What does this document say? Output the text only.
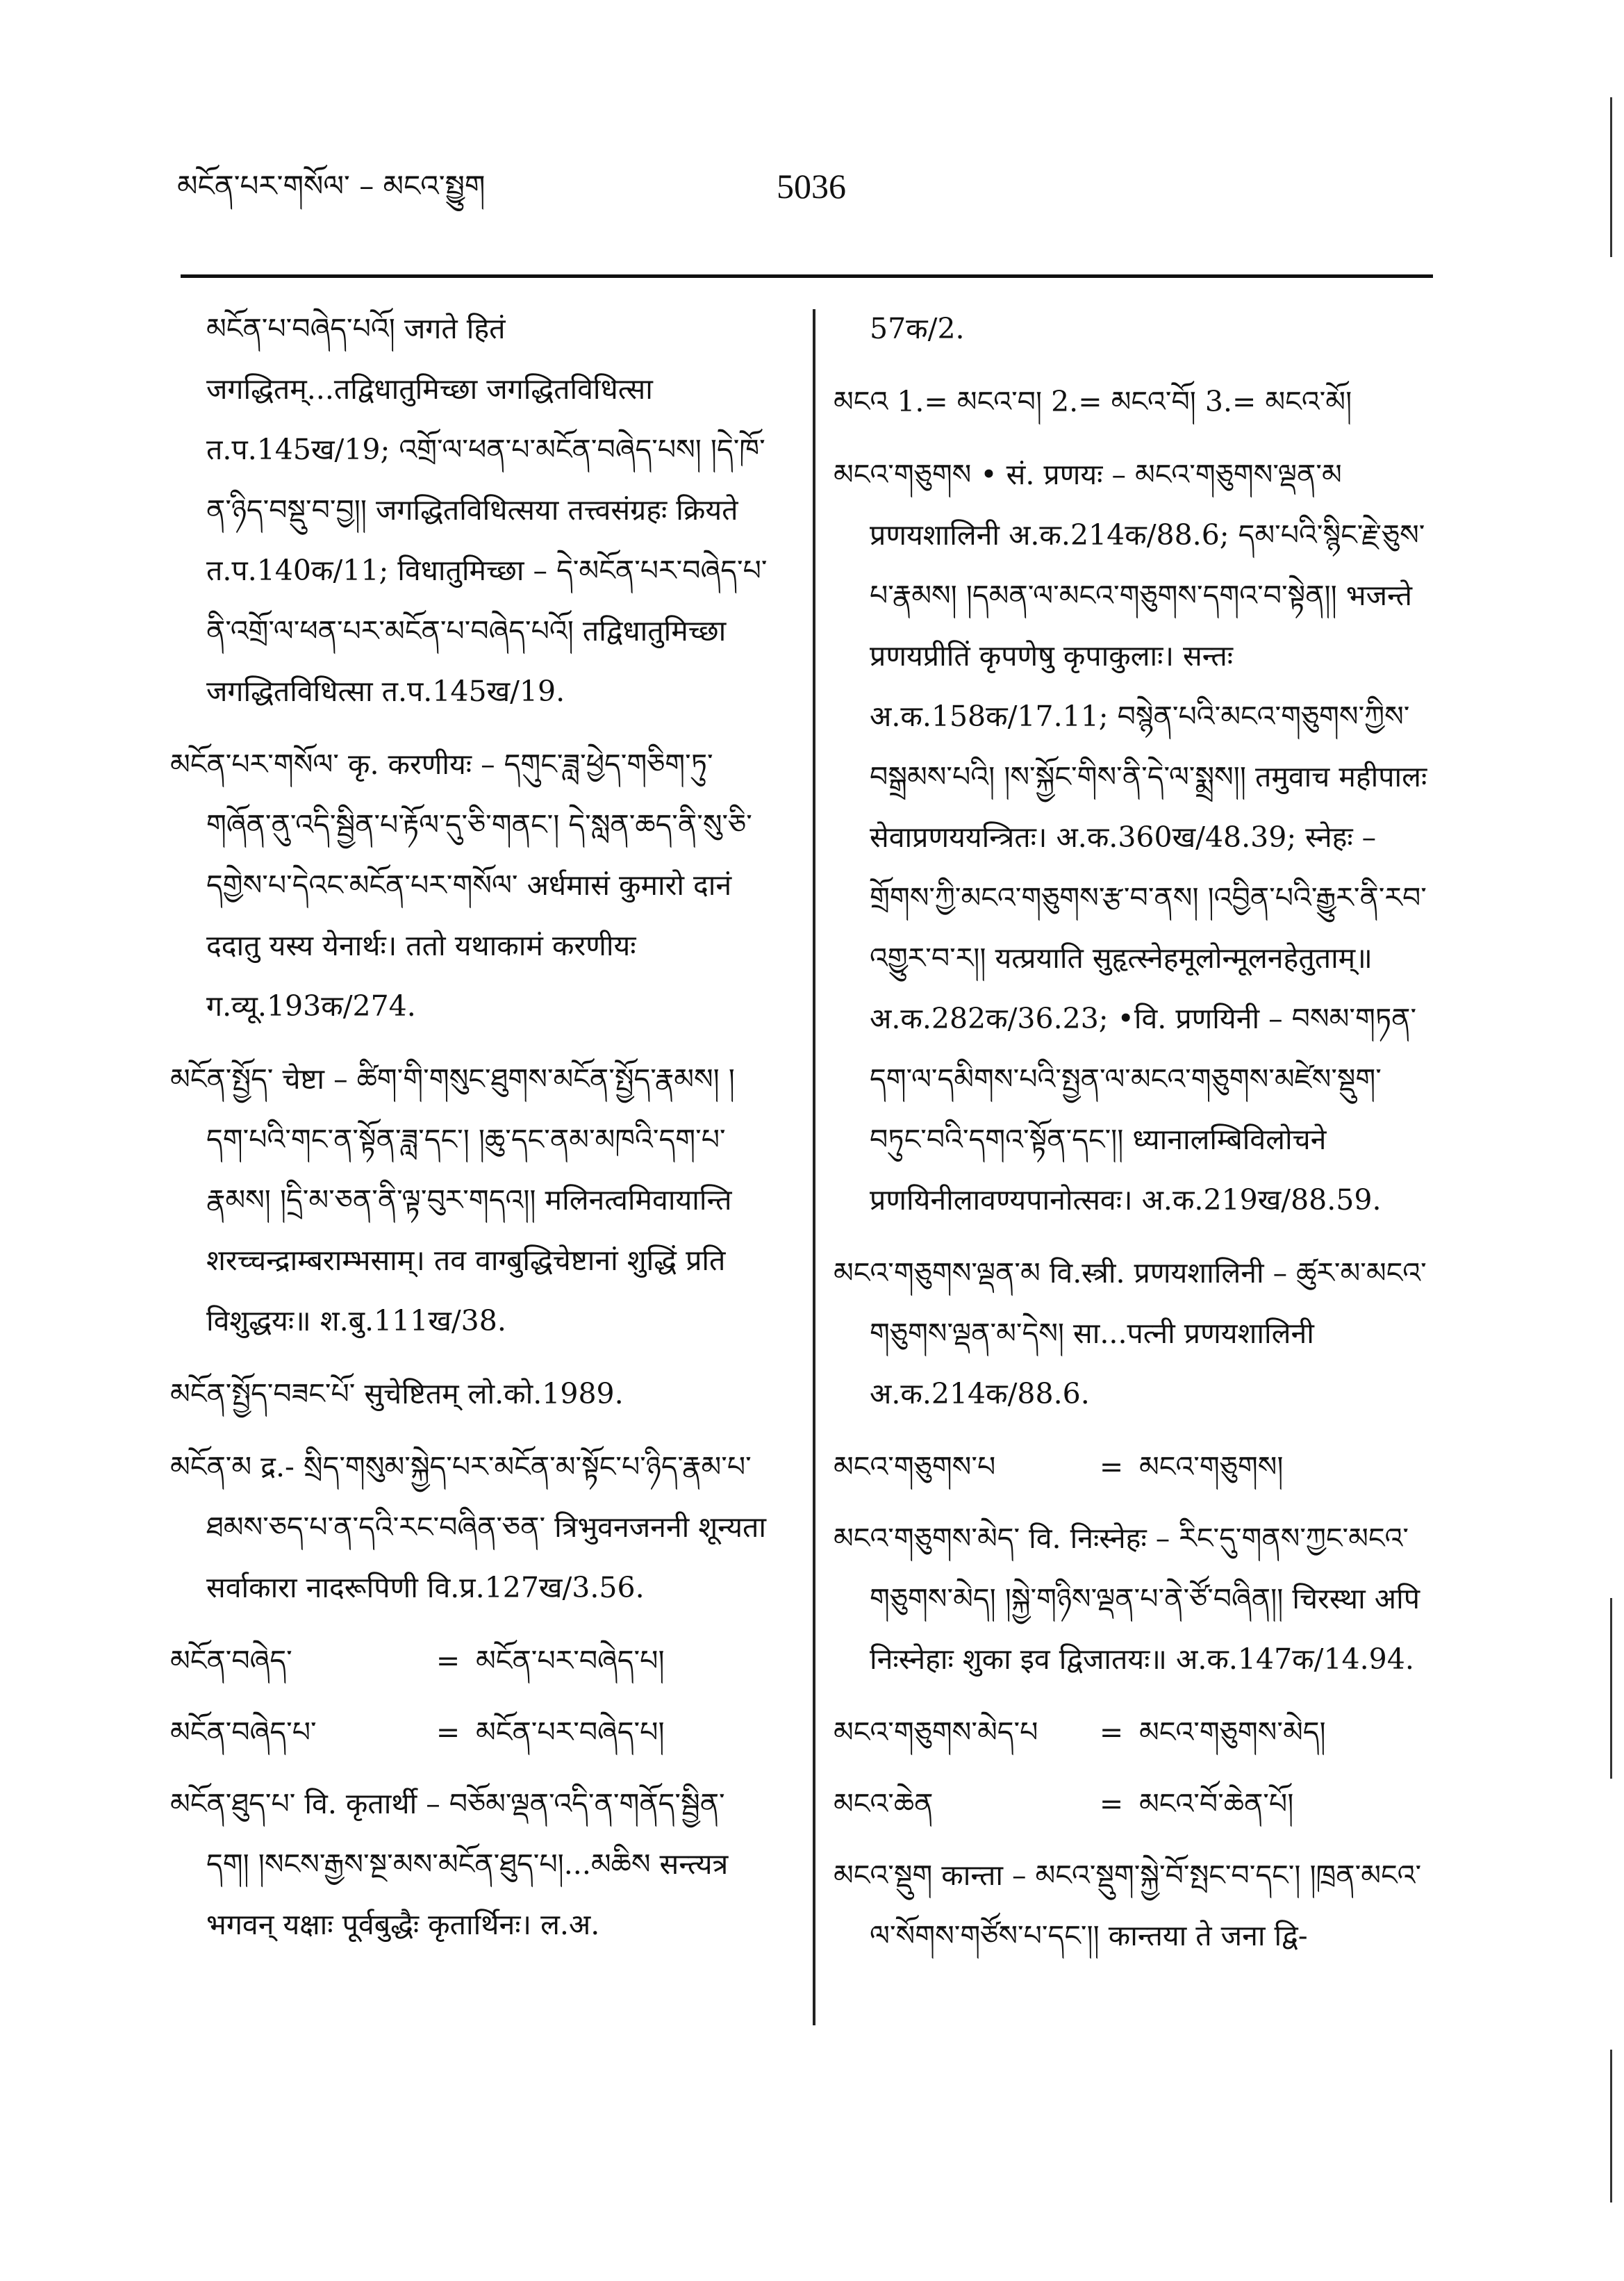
མངོན་པར་གསོལ་ – མངའ་སྤྱུག	5036

མངོན་པ་བཞེད་པའོ། जगते हितं जगद्धितम्...तद्विधातुमिच्छा जगद्धितविधित्सा त.प.145ख/19; འགྲོ་ལ་ཕན་པ་མངོན་བཞེད་པས། །དེ་ཁོ་ན་ཉིད་བསྡུ་བ་བྱ།། जगद्धितविधित्सया तत्त्वसंग्रहः क्रियते त.प.140क/11; विधातुमिच्छा – དེ་མངོན་པར་བཞེད་པ་ནི་འགྲོ་ལ་ཕན་པར་མངོན་པ་བཞེད་པའོ། तद्विधातुमिच्छा जगद्धितविधित्सा त.प.145ख/19.

མངོན་པར་གསོལ་ कृ. करणीयः – དགུང་ཟླ་ཕྱེད་གཅིག་ཏུ་གཞོན་ནུ་འདི་སྦྱིན་པ་རྟོལ་དུ་ཅི་གནང་། དེ་སླན་ཆད་ནི་སུ་ཅི་དགྱེས་པ་དེའང་མངོན་པར་གསོལ་ अर्धमासं कुमारो दानं ददातु यस्य येनार्थः। ततो यथाकामं करणीयः ग.व्यू.193क/274.

མངོན་སྤྱོད་ चेष्टा – ཚིག་གི་གསུང་ཐུགས་མངོན་སྤྱོད་རྣམས། །དག་པའི་གང་ན་སྟོན་ཟླ་དང་། །ཆུ་དང་ནམ་མཁའི་དག་པ་རྣམས། །དྲི་མ་ཅན་ནི་ལྟ་བུར་གདའ།། मलिनत्वमिवायान्ति शरच्चन्द्राम्बराम्भसाम्। तव वाग्बुद्धिचेष्टानां शुद्धिं प्रति विशुद्धयः॥ श.बु.111ख/38.

མངོན་སྤྱོད་བཟང་པོ་ सुचेष्टितम् लो.को.1989.

མངོན་མ द्र.- སྲིད་གསུམ་སྐྱེད་པར་མངོན་མ་སྟོང་པ་ཉིད་རྣམ་པ་ཐམས་ཅད་པ་ན་དའི་རང་བཞིན་ཅན་ त्रिभुवनजननी शून्यता सर्वाकारा नादरूपिणी वि.प्र.127ख/3.56.

མངོན་བཞེད་	= མངོན་པར་བཞེད་པ།
མངོན་བཞེད་པ་	= མངོན་པར་བཞེད་པ།

མངོན་ཐུད་པ་ वि. कृतार्थी – བཅོམ་ལྡན་འདི་ན་གནོད་སྦྱིན་དག། །སངས་རྒྱས་སྔ་མས་མངོན་ཐུད་པ།...མཆིས सन्त्यत्र भगवन् यक्षाः पूर्वबुद्धैः कृतार्थिनः। ल.अ.

57क/2.

མངའ 1.= མངའ་བ། 2.= མངའ་བོ། 3.= མངའ་མོ།

མངའ་གཅུགས • सं. प्रणयः – མངའ་གཅུགས་ལྡན་མ प्रणयशालिनी अ.क.214क/88.6; དམ་པའི་སྙིང་རྗེ་ཅུས་པ་རྣམས། །དམན་ལ་མངའ་གཅུགས་དགའ་བ་སྟེན།། भजन्ते प्रणयप्रीतिं कृपणेषु कृपाकुलाः। सन्तः अ.क.158क/17.11; བསྙེན་པའི་མངའ་གཅུགས་ཀྱིས་བསྒྲམས་པའི། །ས་སྐྱོང་གིས་ནི་དེ་ལ་སྨྲས།། तमुवाच महीपालः सेवाप्रणययन्त्रितः। अ.क.360ख/48.39; स्नेहः – གྲོགས་ཀྱི་མངའ་གཅུགས་རྩ་བ་ནས། །འབྱིན་པའི་རྒྱུར་ནི་རབ་འགྱུར་བ་ར།། यत्प्रयाति सुहृत्स्नेहमूलोन्मूलनहेतुताम्॥ अ.क.282क/36.23; •वि. प्रणयिनी – བསམ་གཏན་དག་ལ་དམིགས་པའི་སྤྱན་ལ་མངའ་གཅུགས་མཛེས་སྡུག་བཏུང་བའི་དགའ་སྟོན་དང་།། ध्यानालम्बिविलोचने प्रणयिनीलावण्यपानोत्सवः। अ.क.219ख/88.59.

མངའ་གཅུགས་ལྡན་མ वि.स्त्री. प्रणयशालिनी – ཚུར་མ་མངའ་གཅུགས་ལྡན་མ་དེས། सा...पत्नी प्रणयशालिनी अ.क.214क/88.6.

མངའ་གཅུགས་པ	= མངའ་གཅུགས།

མངའ་གཅུགས་མེད་ वि. निःस्नेहः – རིང་དུ་གནས་ཀྱང་མངའ་གཅུགས་མེད། །སྐྱེ་གཉིས་ལྡན་པ་ནེ་ཙོ་བཞིན།། चिरस्था अपि निःस्नेहाः शुका इव द्विजातयः॥ अ.क.147क/14.94.

མངའ་གཅུགས་མེད་པ	= མངའ་གཅུགས་མེད།
མངའ་ཆེན	= མངའ་བོ་ཆེན་པོ།

མངའ་སྡུག कान्ता – མངའ་སྡུག་སྐྱེ་བོ་སྤང་བ་དང་། །ཁྲན་མངའ་ལ་སོགས་གཙོས་པ་དང་།། कान्तया ते जना द्वि-
